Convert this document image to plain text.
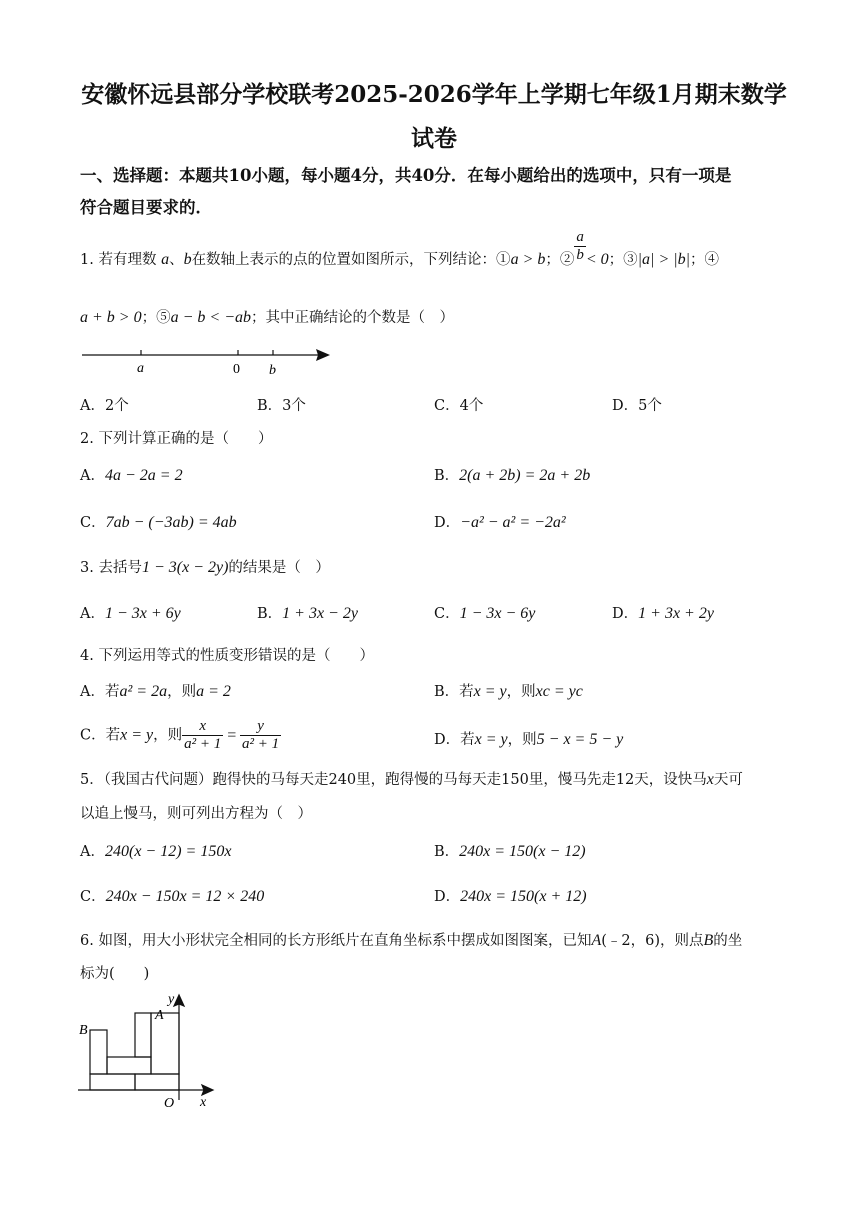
安徽怀远县部分学校联考2025-2026学年上学期七年级1月期末数学
试卷
一、选择题：本题共10小题，每小题4分，共40分．在每小题给出的选项中，只有一项是
符合题目要求的．
1. 若有理数 a、b在数轴上表示的点的位置如图所示，下列结论：①a > b；② $\frac{a}{b} < 0$；③|a| > |b|；④
a + b > 0；⑤a − b < −ab；其中正确结论的个数是（　）
a	0 b
A．2个	B．3个	C．4个	D．5个
2. 下列计算正确的是（　　）
A．4a − 2a = 2	B．2(a + 2b) = 2a + 2b
C．7ab − (−3ab) = 4ab	D．−a² − a² = −2a²
3. 去括号1 − 3(x − 2y)的结果是（　）
A．1 − 3x + 6y	B．1 + 3x − 2y	C．1 − 3x − 6y	D．1 + 3x + 2y
4. 下列运用等式的性质变形错误的是（　　）
A．若a² = 2a，则a = 2	B．若x = y，则xc = yc
C．若x = y，则 $\frac{x}{\text{a² + 1}} = \frac{y}{\text{a² + 1}}$	D．若x = y，则5 − x = 5 − y
5．（我国古代问题）跑得快的马每天走240里，跑得慢的马每天走150里，慢马先走12天，设快马x天可
以追上慢马，则可列出方程为（　）
A．240(x − 12) = 150x	B．240x = 150(x − 12)
C．240x − 150x = 12 × 240	D．240x = 150(x + 12)
6. 如图，用大小形状完全相同的长方形纸片在直角坐标系中摆成如图图案，已知A(﹣2，6)，则点B的坐
标为(　　)
B
A
y
x
O
